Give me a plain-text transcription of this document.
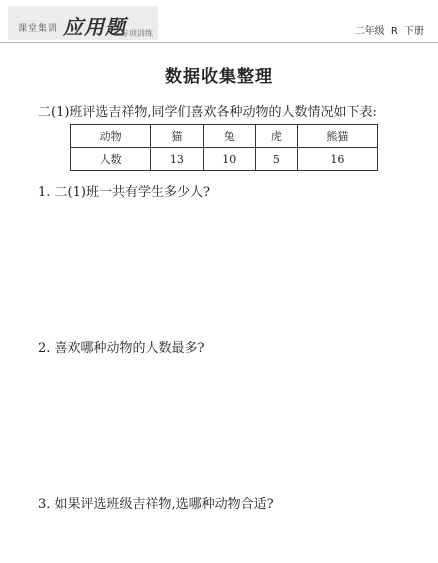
课堂集训 应用题
专项训练	二年级 R 下册
数据收集整理
二(1)班评选吉祥物,同学们喜欢各种动物的人数情况如下表:
动物	猫	兔	虎	熊猫
人数	13	10	5	16
1. 二(1)班一共有学生多少人?
2. 喜欢哪种动物的人数最多?
3. 如果评选班级吉祥物,选哪种动物合适?
